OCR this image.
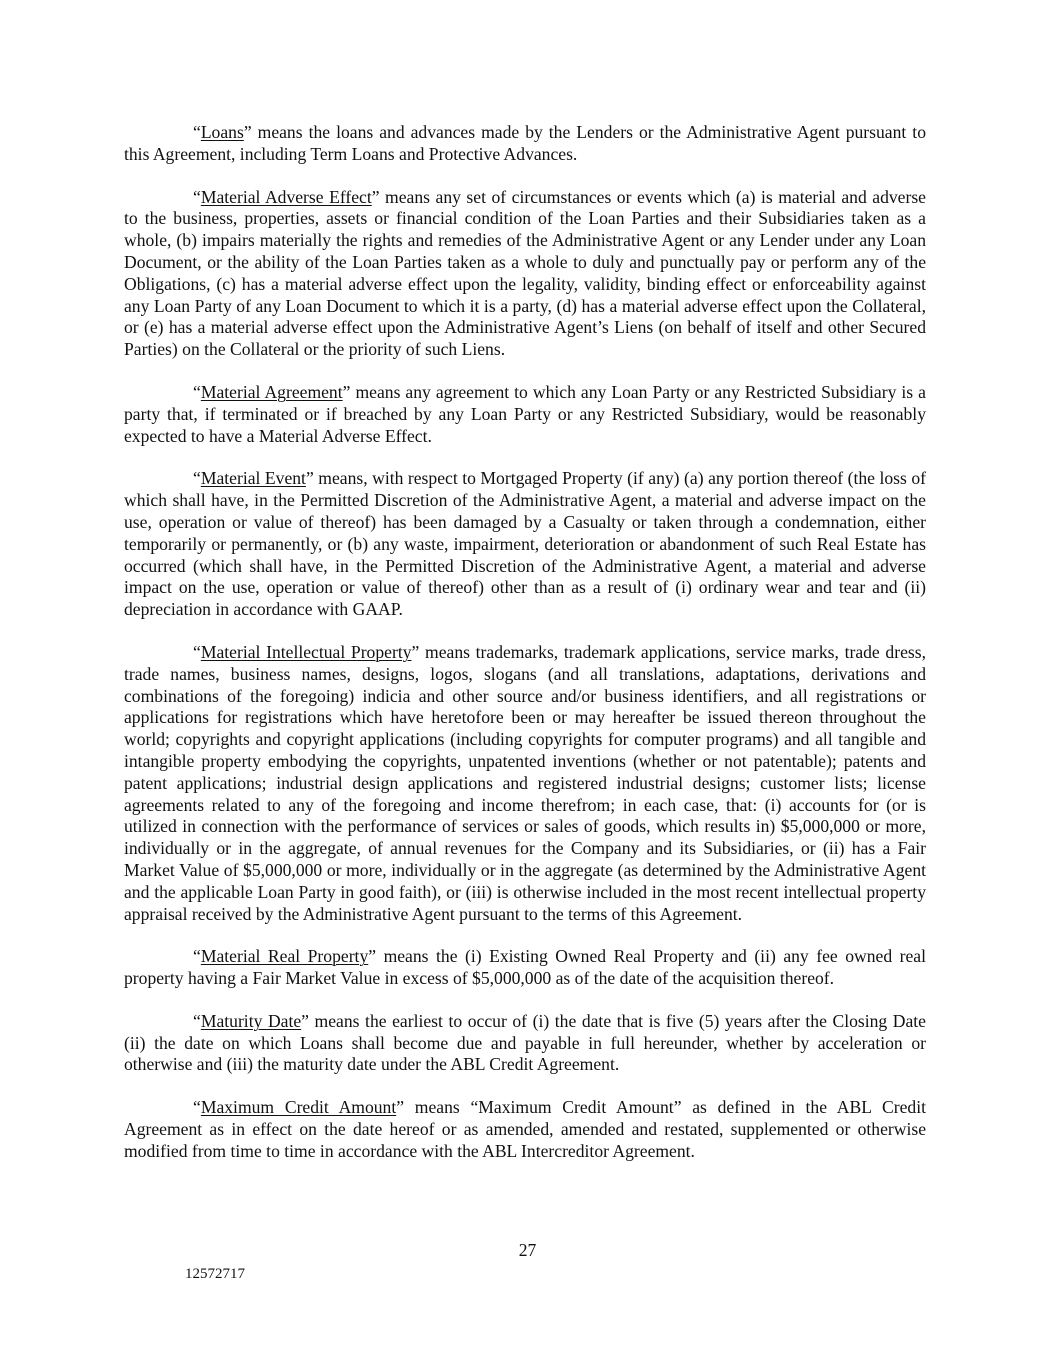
“Loans” means the loans and advances made by the Lenders or the Administrative Agent pursuant to this Agreement, including Term Loans and Protective Advances.

“Material Adverse Effect” means any set of circumstances or events which (a) is material and adverse to the business, properties, assets or financial condition of the Loan Parties and their Subsidiaries taken as a whole, (b) impairs materially the rights and remedies of the Administrative Agent or any Lender under any Loan Document, or the ability of the Loan Parties taken as a whole to duly and punctually pay or perform any of the Obligations, (c) has a material adverse effect upon the legality, validity, binding effect or enforceability against any Loan Party of any Loan Document to which it is a party, (d) has a material adverse effect upon the Collateral, or (e) has a material adverse effect upon the Administrative Agent’s Liens (on behalf of itself and other Secured Parties) on the Collateral or the priority of such Liens.

“Material Agreement” means any agreement to which any Loan Party or any Restricted Subsidiary is a party that, if terminated or if breached by any Loan Party or any Restricted Subsidiary, would be reasonably expected to have a Material Adverse Effect.

“Material Event” means, with respect to Mortgaged Property (if any) (a) any portion thereof (the loss of which shall have, in the Permitted Discretion of the Administrative Agent, a material and adverse impact on the use, operation or value of thereof) has been damaged by a Casualty or taken through a condemnation, either temporarily or permanently, or (b) any waste, impairment, deterioration or abandonment of such Real Estate has occurred (which shall have, in the Permitted Discretion of the Administrative Agent, a material and adverse impact on the use, operation or value of thereof) other than as a result of (i) ordinary wear and tear and (ii) depreciation in accordance with GAAP.

“Material Intellectual Property” means trademarks, trademark applications, service marks, trade dress, trade names, business names, designs, logos, slogans (and all translations, adaptations, derivations and combinations of the foregoing) indicia and other source and/or business identifiers, and all registrations or applications for registrations which have heretofore been or may hereafter be issued thereon throughout the world; copyrights and copyright applications (including copyrights for computer programs) and all tangible and intangible property embodying the copyrights, unpatented inventions (whether or not patentable); patents and patent applications; industrial design applications and registered industrial designs; customer lists; license agreements related to any of the foregoing and income therefrom; in each case, that: (i) accounts for (or is utilized in connection with the performance of services or sales of goods, which results in) $5,000,000 or more, individually or in the aggregate, of annual revenues for the Company and its Subsidiaries, or (ii) has a Fair Market Value of $5,000,000 or more, individually or in the aggregate (as determined by the Administrative Agent and the applicable Loan Party in good faith), or (iii) is otherwise included in the most recent intellectual property appraisal received by the Administrative Agent pursuant to the terms of this Agreement.

“Material Real Property” means the (i) Existing Owned Real Property and (ii) any fee owned real property having a Fair Market Value in excess of $5,000,000 as of the date of the acquisition thereof.

“Maturity Date” means the earliest to occur of (i) the date that is five (5) years after the Closing Date (ii) the date on which Loans shall become due and payable in full hereunder, whether by acceleration or otherwise and (iii) the maturity date under the ABL Credit Agreement.

“Maximum Credit Amount” means “Maximum Credit Amount” as defined in the ABL Credit Agreement as in effect on the date hereof or as amended, amended and restated, supplemented or otherwise modified from time to time in accordance with the ABL Intercreditor Agreement.

27
12572717
